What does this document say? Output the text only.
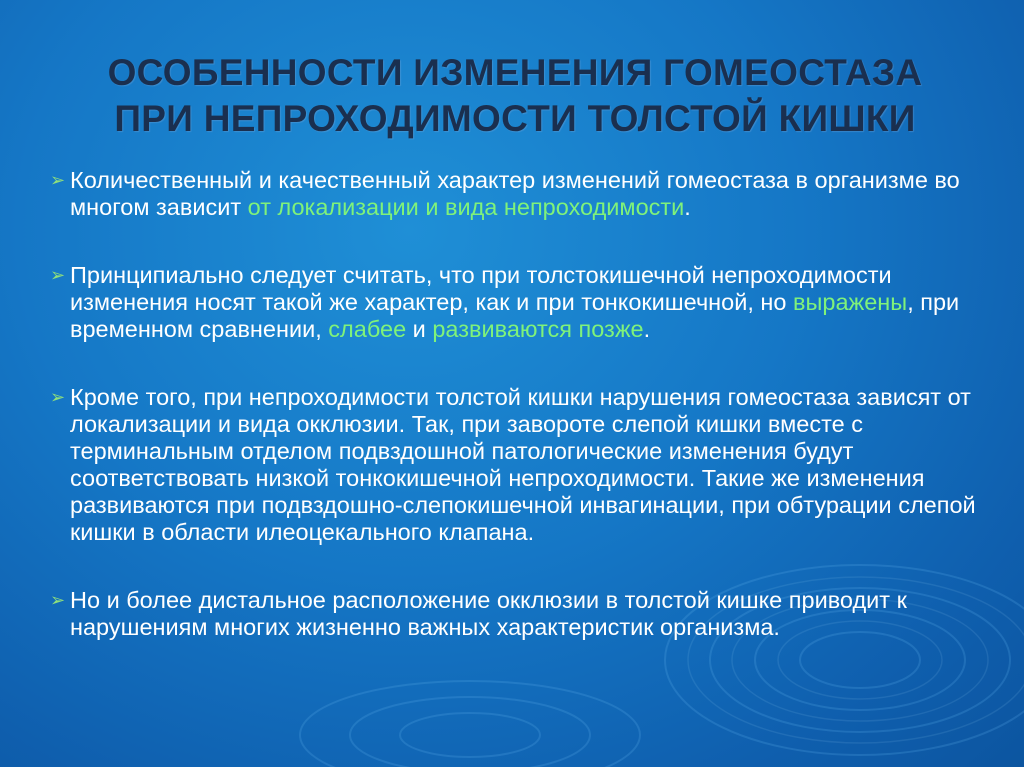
ОСОБЕННОСТИ ИЗМЕНЕНИЯ ГОМЕОСТАЗА
ПРИ НЕПРОХОДИМОСТИ ТОЛСТОЙ КИШКИ
➢ Количественный и качественный характер изменений гомеостаза в организме во многом зависит от локализации и вида непроходимости.
➢ Принципиально следует считать, что при толстокишечной непроходимости изменения носят такой же характер, как и при тонкокишечной, но выражены, при временном сравнении, слабее и развиваются позже.
➢ Кроме того, при непроходимости толстой кишки нарушения гомеостаза зависят от локализации и вида окклюзии. Так, при завороте слепой кишки вместе с терминальным отделом подвздошной патологические изменения будут соответствовать низкой тонкокишечной непроходимости. Такие же изменения развиваются при подвздошно-слепокишечной инвагинации, при обтурации слепой кишки в области илеоцекального клапана.
➢ Но и более дистальное расположение окклюзии в толстой кишке приводит к нарушениям многих жизненно важных характеристик организма.
